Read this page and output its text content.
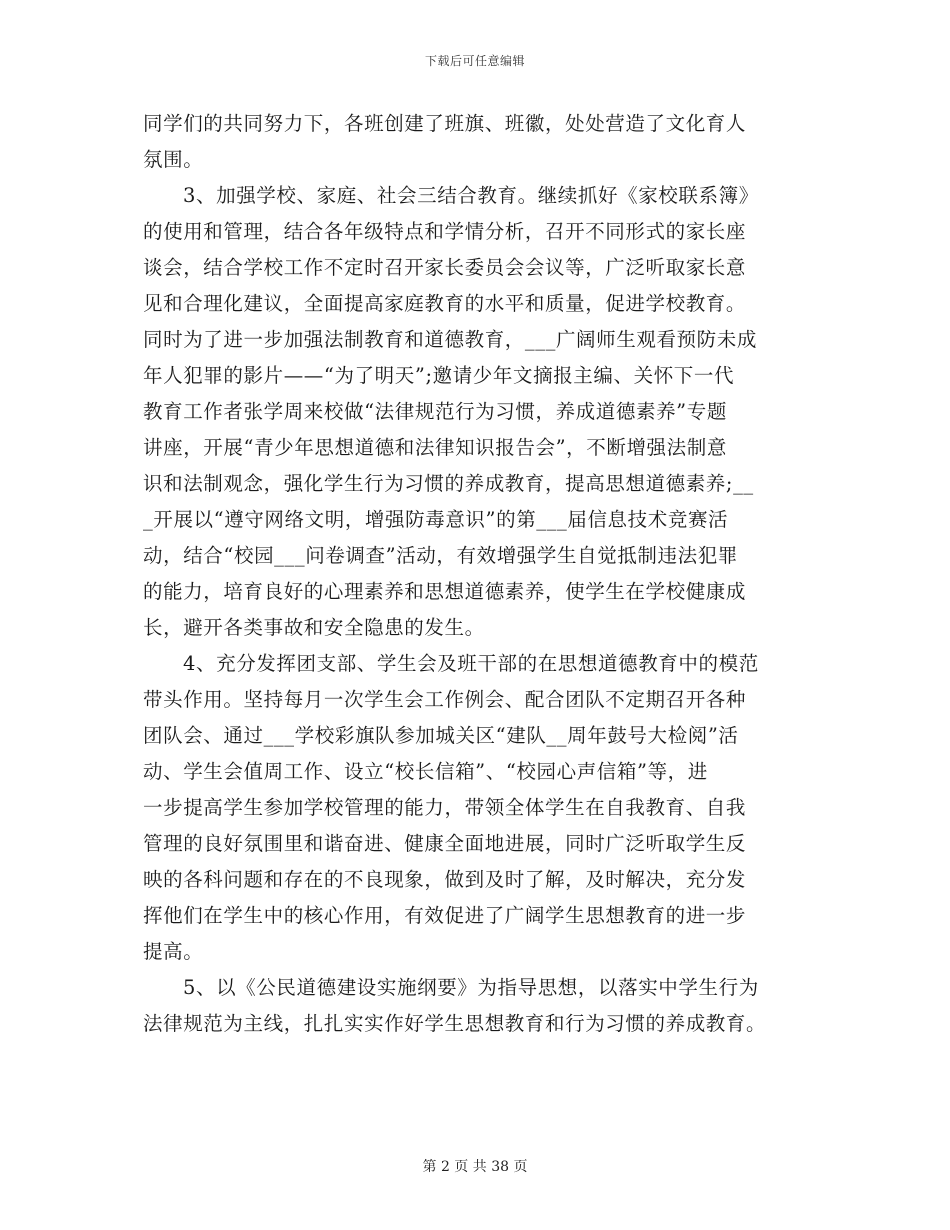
下载后可任意编辑
同学们的共同努力下，各班创建了班旗、班徽，处处营造了文化育人
氛围。
3、加强学校、家庭、社会三结合教育。继续抓好《家校联系簿》
的使用和管理，结合各年级特点和学情分析，召开不同形式的家长座
谈会，结合学校工作不定时召开家长委员会会议等，广泛听取家长意
见和合理化建议，全面提高家庭教育的水平和质量，促进学校教育。
同时为了进一步加强法制教育和道德教育，___广阔师生观看预防未成
年人犯罪的影片——“为了明天”;邀请少年文摘报主编、关怀下一代
教育工作者张学周来校做“法律规范行为习惯，养成道德素养”专题
讲座，开展“青少年思想道德和法律知识报告会”，不断增强法制意
识和法制观念，强化学生行为习惯的养成教育，提高思想道德素养;__
_开展以“遵守网络文明，增强防毒意识”的第___届信息技术竞赛活
动，结合“校园___问卷调查”活动，有效增强学生自觉抵制违法犯罪
的能力，培育良好的心理素养和思想道德素养，使学生在学校健康成
长，避开各类事故和安全隐患的发生。
4、充分发挥团支部、学生会及班干部的在思想道德教育中的模范
带头作用。坚持每月一次学生会工作例会、配合团队不定期召开各种
团队会、通过___学校彩旗队参加城关区“建队__周年鼓号大检阅”活
动、学生会值周工作、设立“校长信箱”、“校园心声信箱”等，进
一步提高学生参加学校管理的能力，带领全体学生在自我教育、自我
管理的良好氛围里和谐奋进、健康全面地进展，同时广泛听取学生反
映的各科问题和存在的不良现象，做到及时了解，及时解决，充分发
挥他们在学生中的核心作用，有效促进了广阔学生思想教育的进一步
提高。
5、以《公民道德建设实施纲要》为指导思想，以落实中学生行为
法律规范为主线，扎扎实实作好学生思想教育和行为习惯的养成教育。
第 2 页 共 38 页
